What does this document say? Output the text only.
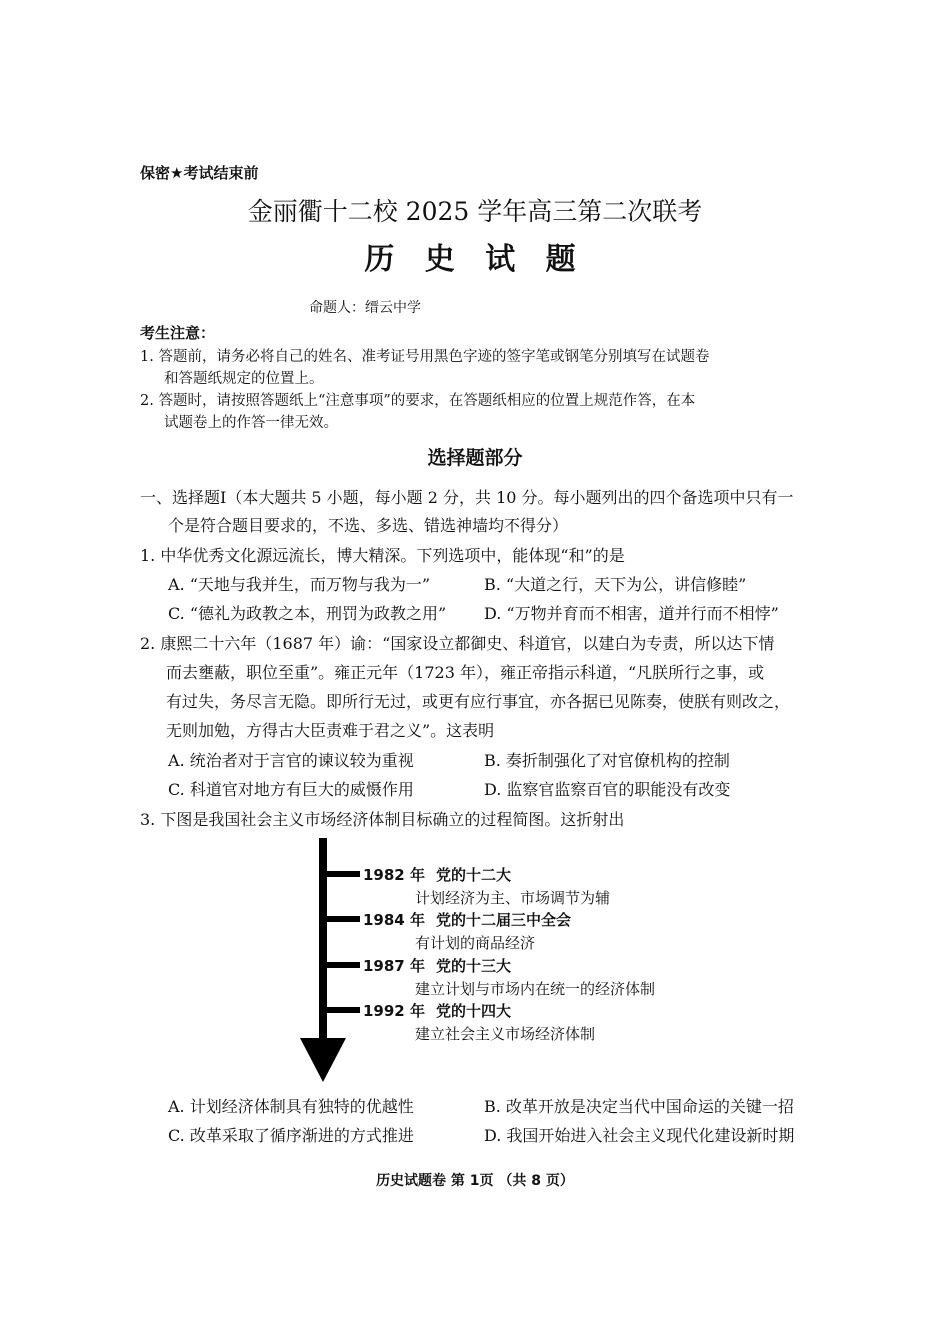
保密★考试结束前
金丽衢十二校 2025 学年高三第二次联考
历 史 试 题
命题人：缙云中学
考生注意：
1. 答题前，请务必将自己的姓名、准考证号用黑色字迹的签字笔或钢笔分别填写在试题卷
和答题纸规定的位置上。
2. 答题时，请按照答题纸上“注意事项”的要求，在答题纸相应的位置上规范作答，在本
试题卷上的作答一律无效。
选择题部分
一、选择题Ⅰ（本大题共 5 小题，每小题 2 分，共 10 分。每小题列出的四个备选项中只有一
个是符合题目要求的，不选、多选、错选神墙均不得分）
1. 中华优秀文化源远流长，博大精深。下列选项中，能体现“和”的是
A. “天地与我并生，而万物与我为一”	B. “大道之行，天下为公，讲信修睦”
C. “德礼为政教之本，刑罚为政教之用” D. “万物并育而不相害，道并行而不相悖”
2. 康熙二十六年（1687 年）谕：“国家设立都御史、科道官，以建白为专责，所以达下情
而去壅蔽，职位至重”。雍正元年（1723 年），雍正帝指示科道，“凡朕所行之事，或
有过失，务尽言无隐。即所行无过，或更有应行事宜，亦各据已见陈奏，使朕有则改之，
无则加勉，方得古大臣责难于君之义”。这表明
A. 统治者对于言官的谏议较为重视	B. 奏折制强化了对官僚机构的控制
C. 科道官对地方有巨大的威慑作用	D. 监察官监察百官的职能没有改变
3. 下图是我国社会主义市场经济体制目标确立的过程简图。这折射出
1982 年 党的十二大
计划经济为主、市场调节为辅
1984 年 党的十二届三中全会
有计划的商品经济
1987 年 党的十三大
建立计划与市场内在统一的经济体制
1992 年 党的十四大
建立社会主义市场经济体制
A. 计划经济体制具有独特的优越性	B. 改革开放是决定当代中国命运的关键一招
C. 改革采取了循序渐进的方式推进	D. 我国开始进入社会主义现代化建设新时期
历史试题卷 第 1页 （共 8 页）
